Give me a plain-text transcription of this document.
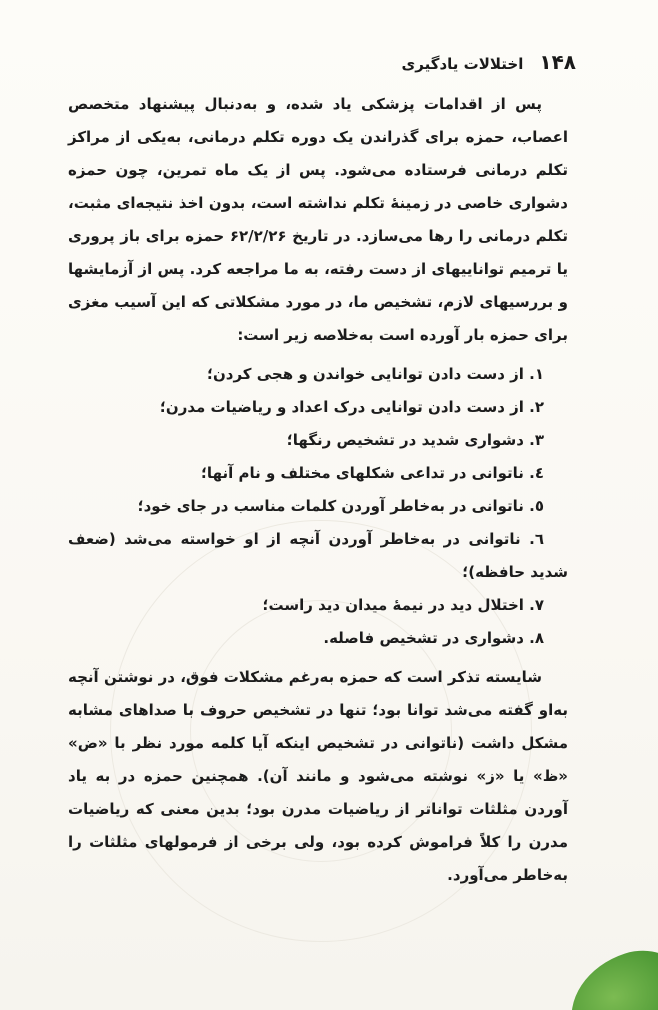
۱۴۸
اختلالات یادگیری

پس از اقدامات پزشکی یاد شده، و به‌دنبال پیشنهاد متخصص اعصاب، حمزه برای گذراندن یک دوره تکلم درمانی، به‌یکی از مراکز تکلم درمانی فرستاده می‌شود. پس از یک ماه تمرین، چون حمزه دشواری خاصی در زمینهٔ تکلم نداشته است، بدون اخذ نتیجه‌ای مثبت، تکلم درمانی را رها می‌سازد. در تاریخ ۶۲/۲/۲۶ حمزه برای باز پروری یا ترمیم تواناییهای از دست رفته، به ما مراجعه کرد. پس از آزمایشها و بررسیهای لازم، تشخیص ما، در مورد مشکلاتی که این آسیب مغزی برای حمزه بار آورده است به‌خلاصه زیر است:

۱. از دست دادن توانایی خواندن و هجی کردن؛
۲. از دست دادن توانایی درک اعداد و ریاضیات مدرن؛
۳. دشواری شدید در تشخیص رنگها؛
٤. ناتوانی در تداعی شکلهای مختلف و نام آنها؛
٥. ناتوانی در به‌خاطر آوردن کلمات مناسب در جای خود؛
٦. ناتوانی در به‌خاطر آوردن آنچه از او خواسته می‌شد (ضعف شدید حافظه)؛
۷. اختلال دید در نیمهٔ میدان دید راست؛
۸. دشواری در تشخیص فاصله.

شایسته تذکر است که حمزه به‌رغم مشکلات فوق، در نوشتن آنچه به‌او گفته می‌شد توانا بود؛ تنها در تشخیص حروف با صداهای مشابه مشکل داشت (ناتوانی در تشخیص اینکه آیا کلمه مورد نظر با «ض» «ظ» یا «ز» نوشته می‌شود و مانند آن). همچنین حمزه در به یاد آوردن مثلثات تواناتر از ریاضیات مدرن بود؛ بدین معنی که ریاضیات مدرن را کلاً فراموش کرده بود، ولی برخی از فرمولهای مثلثات را به‌خاطر می‌آورد.
